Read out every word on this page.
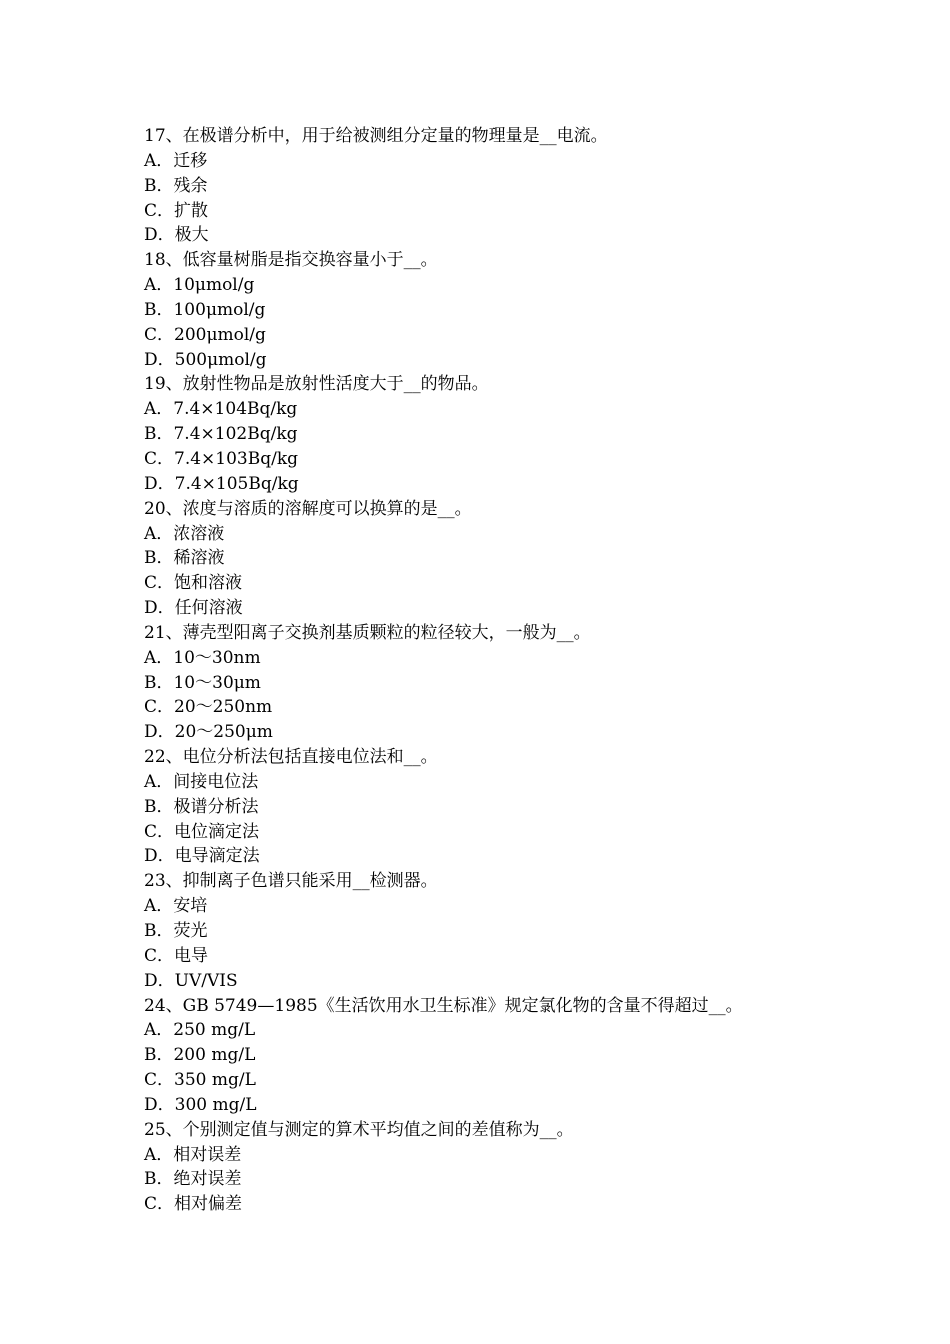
17、在极谱分析中，用于给被测组分定量的物理量是__电流。
A．迁移
B．残余
C．扩散
D．极大
18、低容量树脂是指交换容量小于__。
A．10μmol/g
B．100μmol/g
C．200μmol/g
D．500μmol/g
19、放射性物品是放射性活度大于__的物品。
A．7.4×104Bq/kg
B．7.4×102Bq/kg
C．7.4×103Bq/kg
D．7.4×105Bq/kg
20、浓度与溶质的溶解度可以换算的是__。
A．浓溶液
B．稀溶液
C．饱和溶液
D．任何溶液
21、薄壳型阳离子交换剂基质颗粒的粒径较大，一般为__。
A．10～30nm
B．10～30μm
C．20～250nm
D．20～250μm
22、电位分析法包括直接电位法和__。
A．间接电位法
B．极谱分析法
C．电位滴定法
D．电导滴定法
23、抑制离子色谱只能采用__检测器。
A．安培
B．荧光
C．电导
D．UV/VIS
24、GB 5749—1985《生活饮用水卫生标准》规定氯化物的含量不得超过__。
A．250 mg/L
B．200 mg/L
C．350 mg/L
D．300 mg/L
25、个别测定值与测定的算术平均值之间的差值称为__。
A．相对误差
B．绝对误差
C．相对偏差
